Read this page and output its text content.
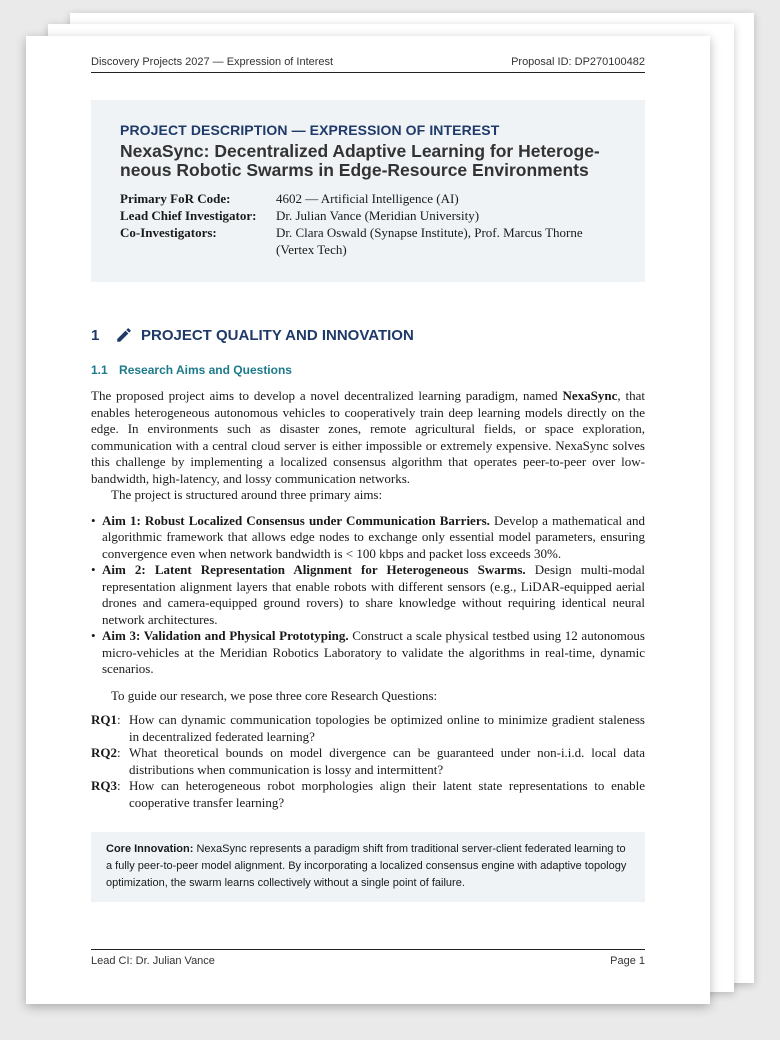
Discovery Projects 2027 — Expression of Interest	Proposal ID: DP270100482
PROJECT DESCRIPTION — EXPRESSION OF INTEREST
NexaSync: Decentralized Adaptive Learning for Heteroge-
neous Robotic Swarms in Edge-Resource Environments
Primary FoR Code:	4602 — Artificial Intelligence (AI)
Lead Chief Investigator:	Dr. Julian Vance (Meridian University)
Co-Investigators:	Dr. Clara Oswald (Synapse Institute), Prof. Marcus Thorne (Vertex Tech)
1	PROJECT QUALITY AND INNOVATION
1.1 Research Aims and Questions

The proposed project aims to develop a novel decentralized learning paradigm, named NexaSync, that enables heterogeneous autonomous vehicles to cooperatively train deep learning models directly on the edge. In environments such as disaster zones, remote agricultural fields, or space exploration, communication with a central cloud server is either impossible or extremely expensive. NexaSync solves this challenge by implementing a localized consensus algorithm that operates peer-to-peer over low-bandwidth, high-latency, and lossy communication networks.

The project is structured around three primary aims:

• Aim 1: Robust Localized Consensus under Communication Barriers. Develop a mathematical and algorithmic framework that allows edge nodes to exchange only essential model parameters, ensuring convergence even when network bandwidth is < 100 kbps and packet loss exceeds 30%.
• Aim 2: Latent Representation Alignment for Heterogeneous Swarms. Design multi-modal representation alignment layers that enable robots with different sensors (e.g., LiDAR-equipped aerial drones and camera-equipped ground rovers) to share knowledge without requiring identical neural network architectures.
• Aim 3: Validation and Physical Prototyping. Construct a scale physical testbed using 12 autonomous micro-vehicles at the Meridian Robotics Laboratory to validate the algorithms in real-time, dynamic scenarios.

To guide our research, we pose three core Research Questions:

RQ1: How can dynamic communication topologies be optimized online to minimize gradient staleness in decentralized federated learning?
RQ2: What theoretical bounds on model divergence can be guaranteed under non-i.i.d. local data distributions when communication is lossy and intermittent?
RQ3: How can heterogeneous robot morphologies align their latent state representations to enable cooperative transfer learning?
Core Innovation: NexaSync represents a paradigm shift from traditional server-client federated learning to a fully peer-to-peer model alignment. By incorporating a localized consensus engine with adaptive topology optimization, the swarm learns collectively without a single point of failure.
Lead CI: Dr. Julian Vance	Page 1
